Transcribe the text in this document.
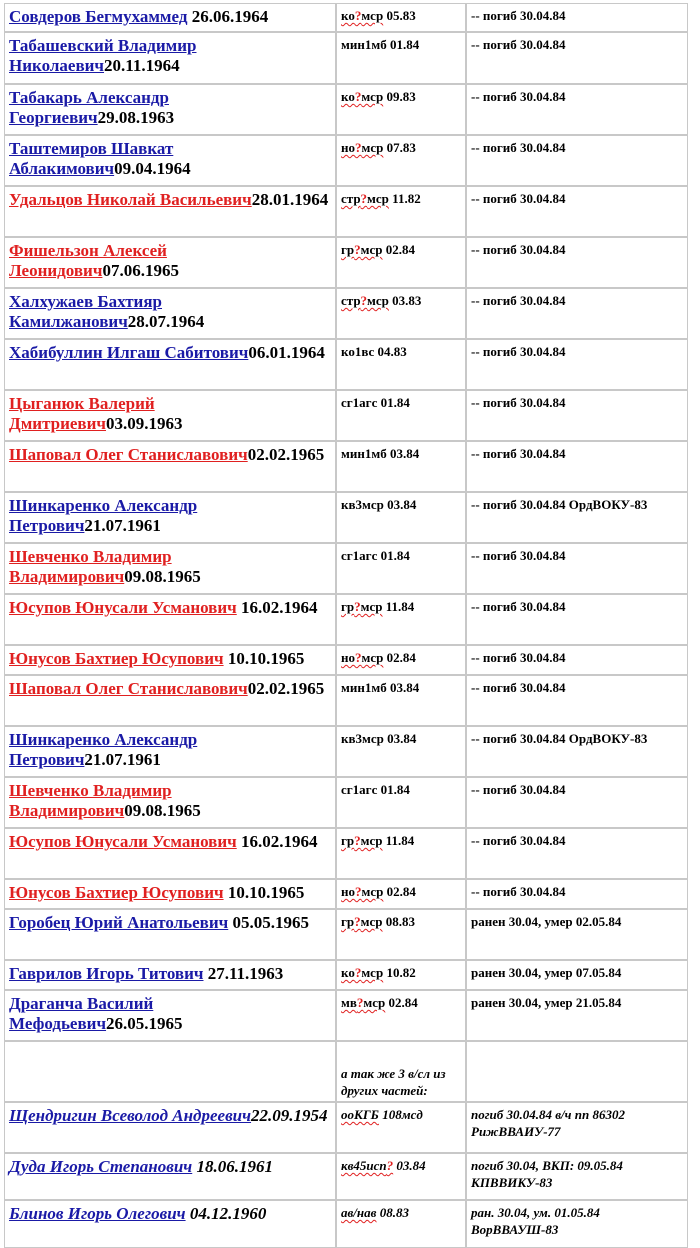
Совдеров Бегмухаммед 26.06.1964	ко?мср 05.83	-- погиб 30.04.84

Табашевский Владимир Николаевич20.11.1964	мин1мб 01.84	-- погиб 30.04.84

Табакарь Александр Георгиевич29.08.1963	ко?мср 09.83	-- погиб 30.04.84

Таштемиров Шавкат Аблакимович09.04.1964	но?мср 07.83	-- погиб 30.04.84

Удальцов Николай Васильевич28.01.1964	стр?мср 11.82	-- погиб 30.04.84

Фишельзон Алексей Леонидович07.06.1965	гр?мср 02.84	-- погиб 30.04.84

Халхужаев Бахтияр Камилжанович28.07.1964	стр?мср 03.83	-- погиб 30.04.84

Хабибуллин Илгаш Сабитович06.01.1964	ко1вс 04.83	-- погиб 30.04.84

Цыганюк Валерий Дмитриевич03.09.1963	сг1агс 01.84	-- погиб 30.04.84

Шаповал Олег Станиславович02.02.1965	мин1мб 03.84	-- погиб 30.04.84

Шинкаренко Александр Петрович21.07.1961	кв3мср 03.84	-- погиб 30.04.84 ОрдВОКУ-83

Шевченко Владимир Владимирович09.08.1965	сг1агс 01.84	-- погиб 30.04.84

Юсупов Юнусали Усманович 16.02.1964	гр?мср 11.84	-- погиб 30.04.84

Юнусов Бахтиер Юсупович 10.10.1965	но?мср 02.84	-- погиб 30.04.84

Шаповал Олег Станиславович02.02.1965	мин1мб 03.84	-- погиб 30.04.84

Шинкаренко Александр Петрович21.07.1961	кв3мср 03.84	-- погиб 30.04.84 ОрдВОКУ-83

Шевченко Владимир Владимирович09.08.1965	сг1агс 01.84	-- погиб 30.04.84

Юсупов Юнусали Усманович 16.02.1964	гр?мср 11.84	-- погиб 30.04.84

Юнусов Бахтиер Юсупович 10.10.1965	но?мср 02.84	-- погиб 30.04.84

Горобец Юрий Анатольевич 05.05.1965	гр?мср 08.83	ранен 30.04, умер 02.05.84

Гаврилов Игорь Титович 27.11.1963	ко?мср 10.82	ранен 30.04, умер 07.05.84

Драганча Василий Мефодьевич26.05.1965	мв?мср 02.84	ранен 30.04, умер 21.05.84

	а так же 3 в/сл из других частей:	

Щендригин Всеволод Андреевич22.09.1954	ооКГБ 108мсд	погиб 30.04.84 в/ч пп 86302 РижВВАИУ-77

Дуда Игорь Степанович 18.06.1961	кв45исп? 03.84	погиб 30.04, ВКП: 09.05.84 КПВВИКУ-83

Блинов Игорь Олегович 04.12.1960	ав/нав 08.83	ран. 30.04, ум. 01.05.84 ВорВВАУШ-83
